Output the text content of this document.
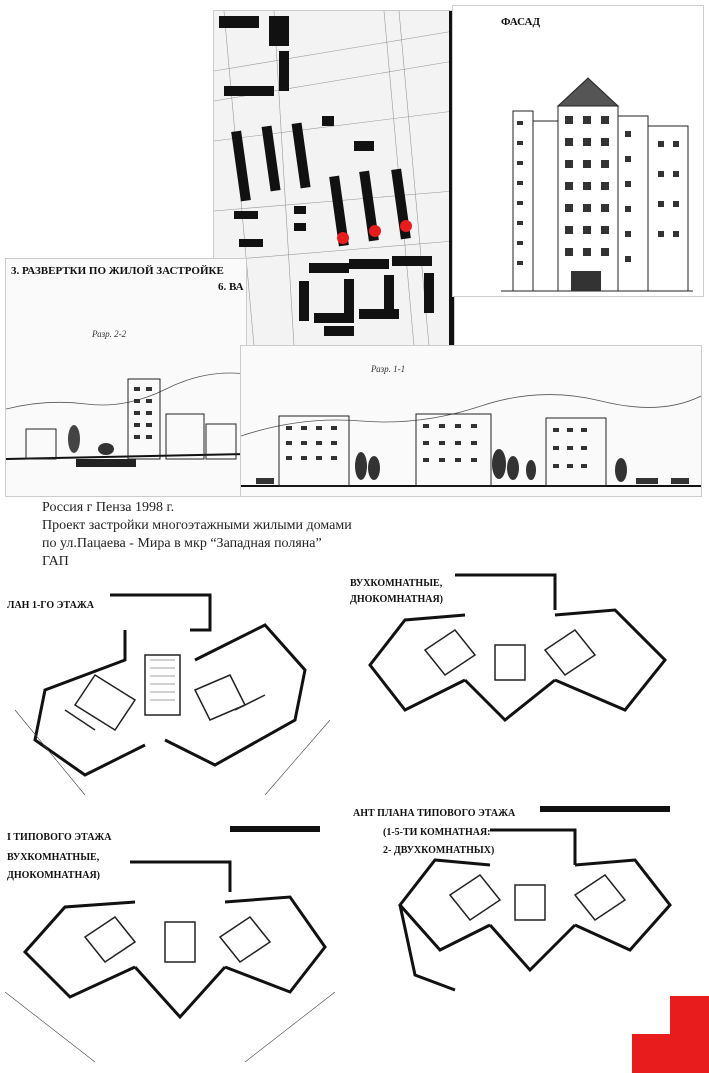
ФАСАД
3. РАЗВЕРТКИ ПО ЖИЛОЙ ЗАСТРОЙКЕ
6. ВА
Разр. 2-2
Разр. 1-1
Россия г Пенза 1998 г.
Проект застройки многоэтажными жилыми домами
по ул.Пацаева - Мира в мкр “Западная поляна”
ГАП
ЛАН 1-ГО ЭТАЖА
ВУХКОМНАТНЫЕ,
ДНОКОМНАТНАЯ)
I ТИПОВОГО ЭТАЖА
ВУХКОМНАТНЫЕ,
ДНОКОМНАТНАЯ)
АНТ ПЛАНА ТИПОВОГО ЭТАЖА
(1-5-ТИ КОМНАТНАЯ:
2- ДВУХКОМНАТНЫХ)
